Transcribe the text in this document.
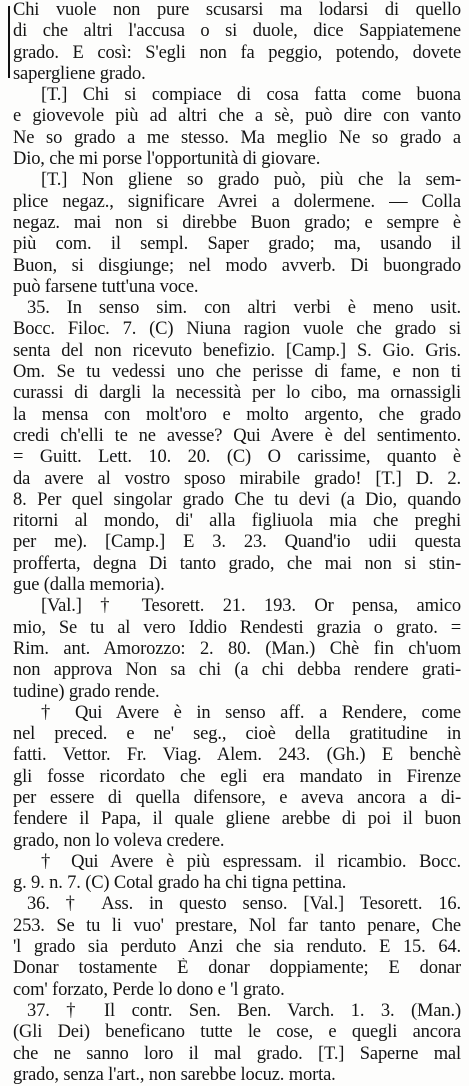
Chi vuole non pure scusarsi ma lodarsi di quello

di che altri l'accusa o si duole, dice Sappiatemene

grado. E così: S'egli non fa peggio, potendo, dovete

sapergliene grado.

[T.] Chi si compiace di cosa fatta come buona

e giovevole più ad altri che a sè, può dire con vanto

Ne so grado a me stesso. Ma meglio Ne so grado a

Dio, che mi porse l'opportunità di giovare.

[T.] Non gliene so grado può, più che la sem-

plice negaz., significare Avrei a dolermene. — Colla

negaz. mai non si direbbe Buon grado; e sempre è

più com. il sempl. Saper grado; ma, usando il

Buon, si disgiunge; nel modo avverb. Di buongrado

può farsene tutt'una voce.

35. In senso sim. con altri verbi è meno usit.

Bocc. Filoc. 7. (C) Niuna ragion vuole che grado si

senta del non ricevuto benefizio. [Camp.] S. Gio. Gris.

Om. Se tu vedessi uno che perisse di fame, e non ti

curassi di dargli la necessità per lo cibo, ma ornassigli

la mensa con molt'oro e molto argento, che grado

credi ch'elli te ne avesse? Qui Avere è del sentimento.

= Guitt. Lett. 10. 20. (C) O carissime, quanto è

da avere al vostro sposo mirabile grado! [T.] D. 2.

8. Per quel singolar grado Che tu devi (a Dio, quando

ritorni al mondo, di' alla figliuola mia che preghi

per me). [Camp.] E 3. 23. Quand'io udii questa

profferta, degna Di tanto grado, che mai non si stin-

gue (dalla memoria).

[Val.] † Tesorett. 21. 193. Or pensa, amico

mio, Se tu al vero Iddio Rendesti grazia o grato. =

Rim. ant. Amorozzo: 2. 80. (Man.) Chè fin ch'uom

non approva Non sa chi (a chi debba rendere grati-

tudine) grado rende.

† Qui Avere è in senso aff. a Rendere, come

nel preced. e ne' seg., cioè della gratitudine in

fatti. Vettor. Fr. Viag. Alem. 243. (Gh.) E benchè

gli fosse ricordato che egli era mandato in Firenze

per essere di quella difensore, e aveva ancora a di-

fendere il Papa, il quale gliene arebbe di poi il buon

grado, non lo voleva credere.

† Qui Avere è più espressam. il ricambio. Bocc.

g. 9. n. 7. (C) Cotal grado ha chi tigna pettina.

36. † Ass. in questo senso. [Val.] Tesorett. 16.

253. Se tu li vuo' prestare, Nol far tanto penare, Che

'l grado sia perduto Anzi che sia renduto. E 15. 64.

Donar tostamente È donar doppiamente; E donar

com' forzato, Perde lo dono e 'l grato.

37. † Il contr. Sen. Ben. Varch. 1. 3. (Man.)

(Gli Dei) beneficano tutte le cose, e quegli ancora

che ne sanno loro il mal grado. [T.] Saperne mal

grado, senza l'art., non sarebbe locuz. morta.
